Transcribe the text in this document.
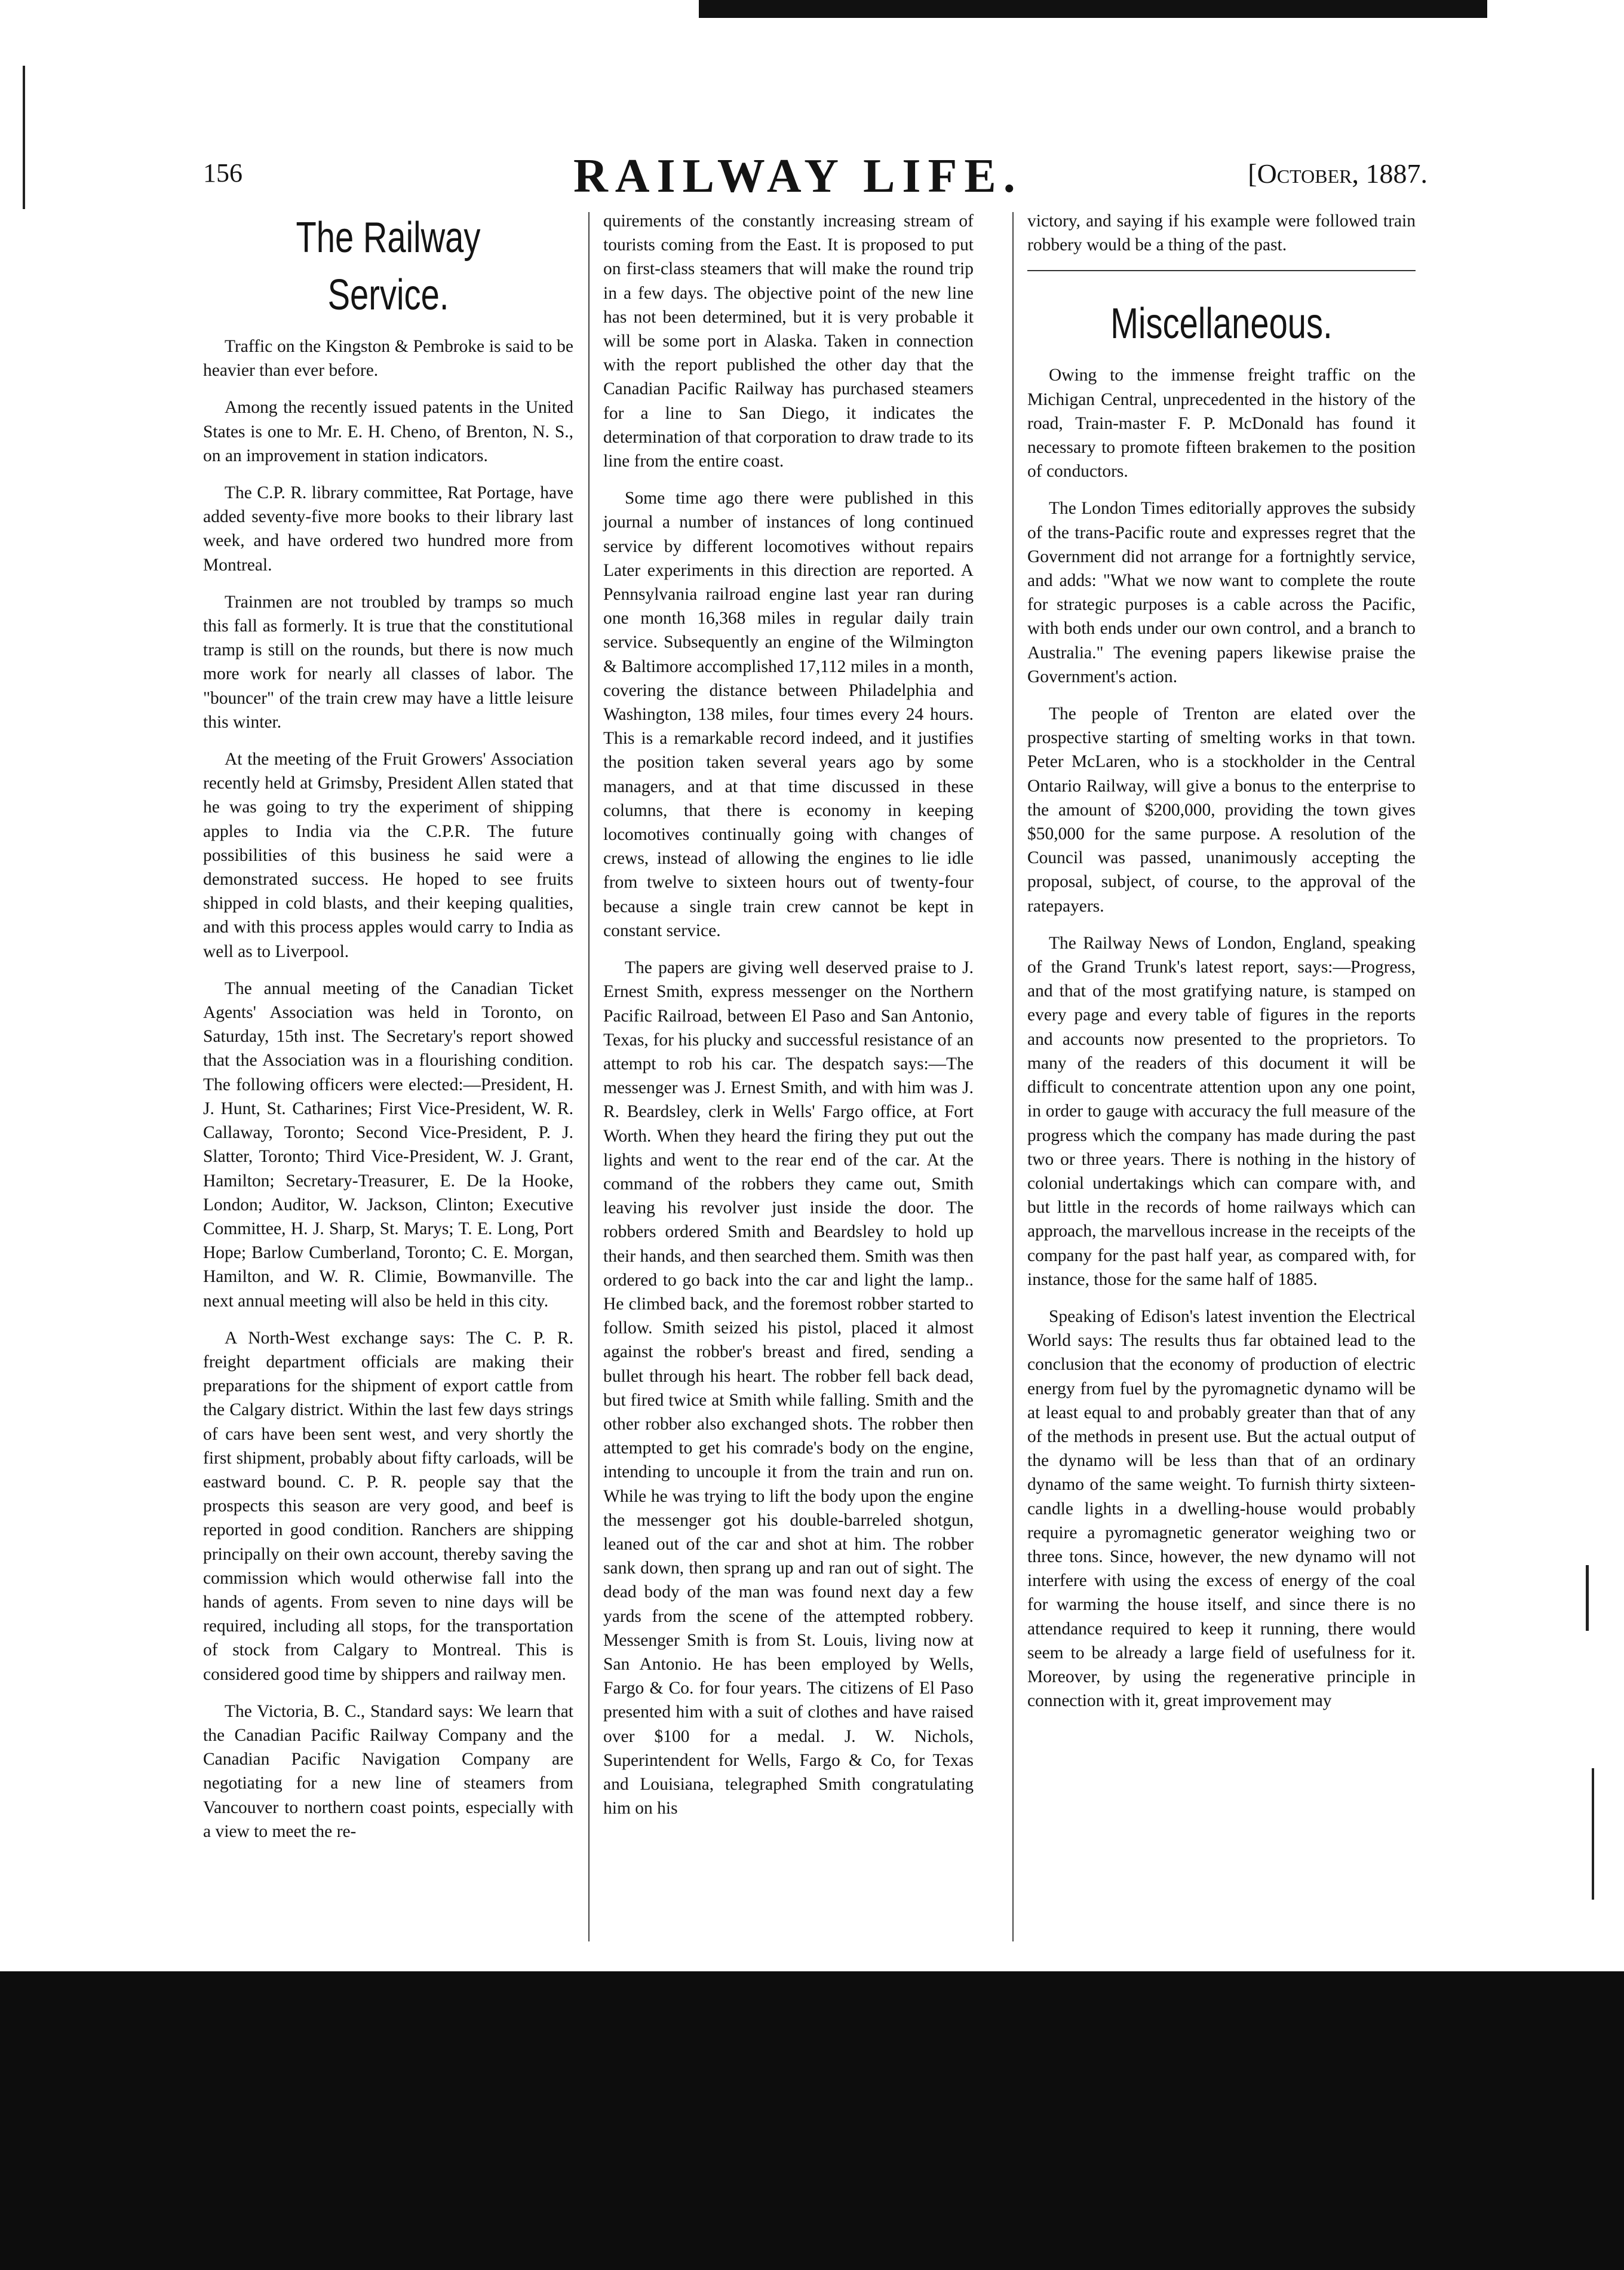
156	RAILWAY LIFE.	[October, 1887.
The Railway Service.

Traffic on the Kingston & Pembroke is said to be heavier than ever before.

Among the recently issued patents in the United States is one to Mr. E. H. Cheno, of Brenton, N. S., on an improvement in station indicators.

The C.P. R. library committee, Rat Portage, have added seventy-five more books to their library last week, and have ordered two hundred more from Montreal.

Trainmen are not troubled by tramps so much this fall as formerly. It is true that the constitutional tramp is still on the rounds, but there is now much more work for nearly all classes of labor. The "bouncer" of the train crew may have a little leisure this winter.

At the meeting of the Fruit Growers' Association recently held at Grimsby, President Allen stated that he was going to try the experiment of shipping apples to India via the C.P.R. The future possibilities of this business he said were a demonstrated success. He hoped to see fruits shipped in cold blasts, and their keeping qualities, and with this process apples would carry to India as well as to Liverpool.

The annual meeting of the Canadian Ticket Agents' Association was held in Toronto, on Saturday, 15th inst. The Secretary's report showed that the Association was in a flourishing condition. The following officers were elected:—President, H. J. Hunt, St. Catharines; First Vice-President, W. R. Callaway, Toronto; Second Vice-President, P. J. Slatter, Toronto; Third Vice-President, W. J. Grant, Hamilton; Secretary-Treasurer, E. De la Hooke, London; Auditor, W. Jackson, Clinton; Executive Committee, H. J. Sharp, St. Marys; T. E. Long, Port Hope; Barlow Cumberland, Toronto; C. E. Morgan, Hamilton, and W. R. Climie, Bowmanville. The next annual meeting will also be held in this city.

A North-West exchange says: The C. P. R. freight department officials are making their preparations for the shipment of export cattle from the Calgary district. Within the last few days strings of cars have been sent west, and very shortly the first shipment, probably about fifty carloads, will be eastward bound. C. P. R. people say that the prospects this season are very good, and beef is reported in good condition. Ranchers are shipping principally on their own account, thereby saving the commission which would otherwise fall into the hands of agents. From seven to nine days will be required, including all stops, for the transportation of stock from Calgary to Montreal. This is considered good time by shippers and railway men.

The Victoria, B. C., Standard says: We learn that the Canadian Pacific Railway Company and the Canadian Pacific Navigation Company are negotiating for a new line of steamers from Vancouver to northern coast points, especially with a view to meet the re-

quirements of the constantly increasing stream of tourists coming from the East. It is proposed to put on first-class steamers that will make the round trip in a few days. The objective point of the new line has not been determined, but it is very probable it will be some port in Alaska. Taken in connection with the report published the other day that the Canadian Pacific Railway has purchased steamers for a line to San Diego, it indicates the determination of that corporation to draw trade to its line from the entire coast.

Some time ago there were published in this journal a number of instances of long continued service by different locomotives without repairs Later experiments in this direction are reported. A Pennsylvania railroad engine last year ran during one month 16,368 miles in regular daily train service. Subsequently an engine of the Wilmington & Baltimore accomplished 17,112 miles in a month, covering the distance between Philadelphia and Washington, 138 miles, four times every 24 hours. This is a remarkable record indeed, and it justifies the position taken several years ago by some managers, and at that time discussed in these columns, that there is economy in keeping locomotives continually going with changes of crews, instead of allowing the engines to lie idle from twelve to sixteen hours out of twenty-four because a single train crew cannot be kept in constant service.

The papers are giving well deserved praise to J. Ernest Smith, express messenger on the Northern Pacific Railroad, between El Paso and San Antonio, Texas, for his plucky and successful resistance of an attempt to rob his car. The despatch says:—The messenger was J. Ernest Smith, and with him was J. R. Beardsley, clerk in Wells' Fargo office, at Fort Worth. When they heard the firing they put out the lights and went to the rear end of the car. At the command of the robbers they came out, Smith leaving his revolver just inside the door. The robbers ordered Smith and Beardsley to hold up their hands, and then searched them. Smith was then ordered to go back into the car and light the lamp.. He climbed back, and the foremost robber started to follow. Smith seized his pistol, placed it almost against the robber's breast and fired, sending a bullet through his heart. The robber fell back dead, but fired twice at Smith while falling. Smith and the other robber also exchanged shots. The robber then attempted to get his comrade's body on the engine, intending to uncouple it from the train and run on. While he was trying to lift the body upon the engine the messenger got his double-barreled shotgun, leaned out of the car and shot at him. The robber sank down, then sprang up and ran out of sight. The dead body of the man was found next day a few yards from the scene of the attempted robbery. Messenger Smith is from St. Louis, living now at San Antonio. He has been employed by Wells, Fargo & Co. for four years. The citizens of El Paso presented him with a suit of clothes and have raised over $100 for a medal. J. W. Nichols, Superintendent for Wells, Fargo & Co, for Texas and Louisiana, telegraphed Smith congratulating him on his

victory, and saying if his example were followed train robbery would be a thing of the past.

Miscellaneous.

Owing to the immense freight traffic on the Michigan Central, unprecedented in the history of the road, Train-master F. P. McDonald has found it necessary to promote fifteen brakemen to the position of conductors.

The London Times editorially approves the subsidy of the trans-Pacific route and expresses regret that the Government did not arrange for a fortnightly service, and adds: "What we now want to complete the route for strategic purposes is a cable across the Pacific, with both ends under our own control, and a branch to Australia." The evening papers likewise praise the Government's action.

The people of Trenton are elated over the prospective starting of smelting works in that town. Peter McLaren, who is a stockholder in the Central Ontario Railway, will give a bonus to the enterprise to the amount of $200,000, providing the town gives $50,000 for the same purpose. A resolution of the Council was passed, unanimously accepting the proposal, subject, of course, to the approval of the ratepayers.

The Railway News of London, England, speaking of the Grand Trunk's latest report, says:—Progress, and that of the most gratifying nature, is stamped on every page and every table of figures in the reports and accounts now presented to the proprietors. To many of the readers of this document it will be difficult to concentrate attention upon any one point, in order to gauge with accuracy the full measure of the progress which the company has made during the past two or three years. There is nothing in the history of colonial undertakings which can compare with, and but little in the records of home railways which can approach, the marvellous increase in the receipts of the company for the past half year, as compared with, for instance, those for the same half of 1885.

Speaking of Edison's latest invention the Electrical World says: The results thus far obtained lead to the conclusion that the economy of production of electric energy from fuel by the pyromagnetic dynamo will be at least equal to and probably greater than that of any of the methods in present use. But the actual output of the dynamo will be less than that of an ordinary dynamo of the same weight. To furnish thirty sixteen-candle lights in a dwelling-house would probably require a pyromagnetic generator weighing two or three tons. Since, however, the new dynamo will not interfere with using the excess of energy of the coal for warming the house itself, and since there is no attendance required to keep it running, there would seem to be already a large field of usefulness for it. Moreover, by using the regenerative principle in connection with it, great improvement may
